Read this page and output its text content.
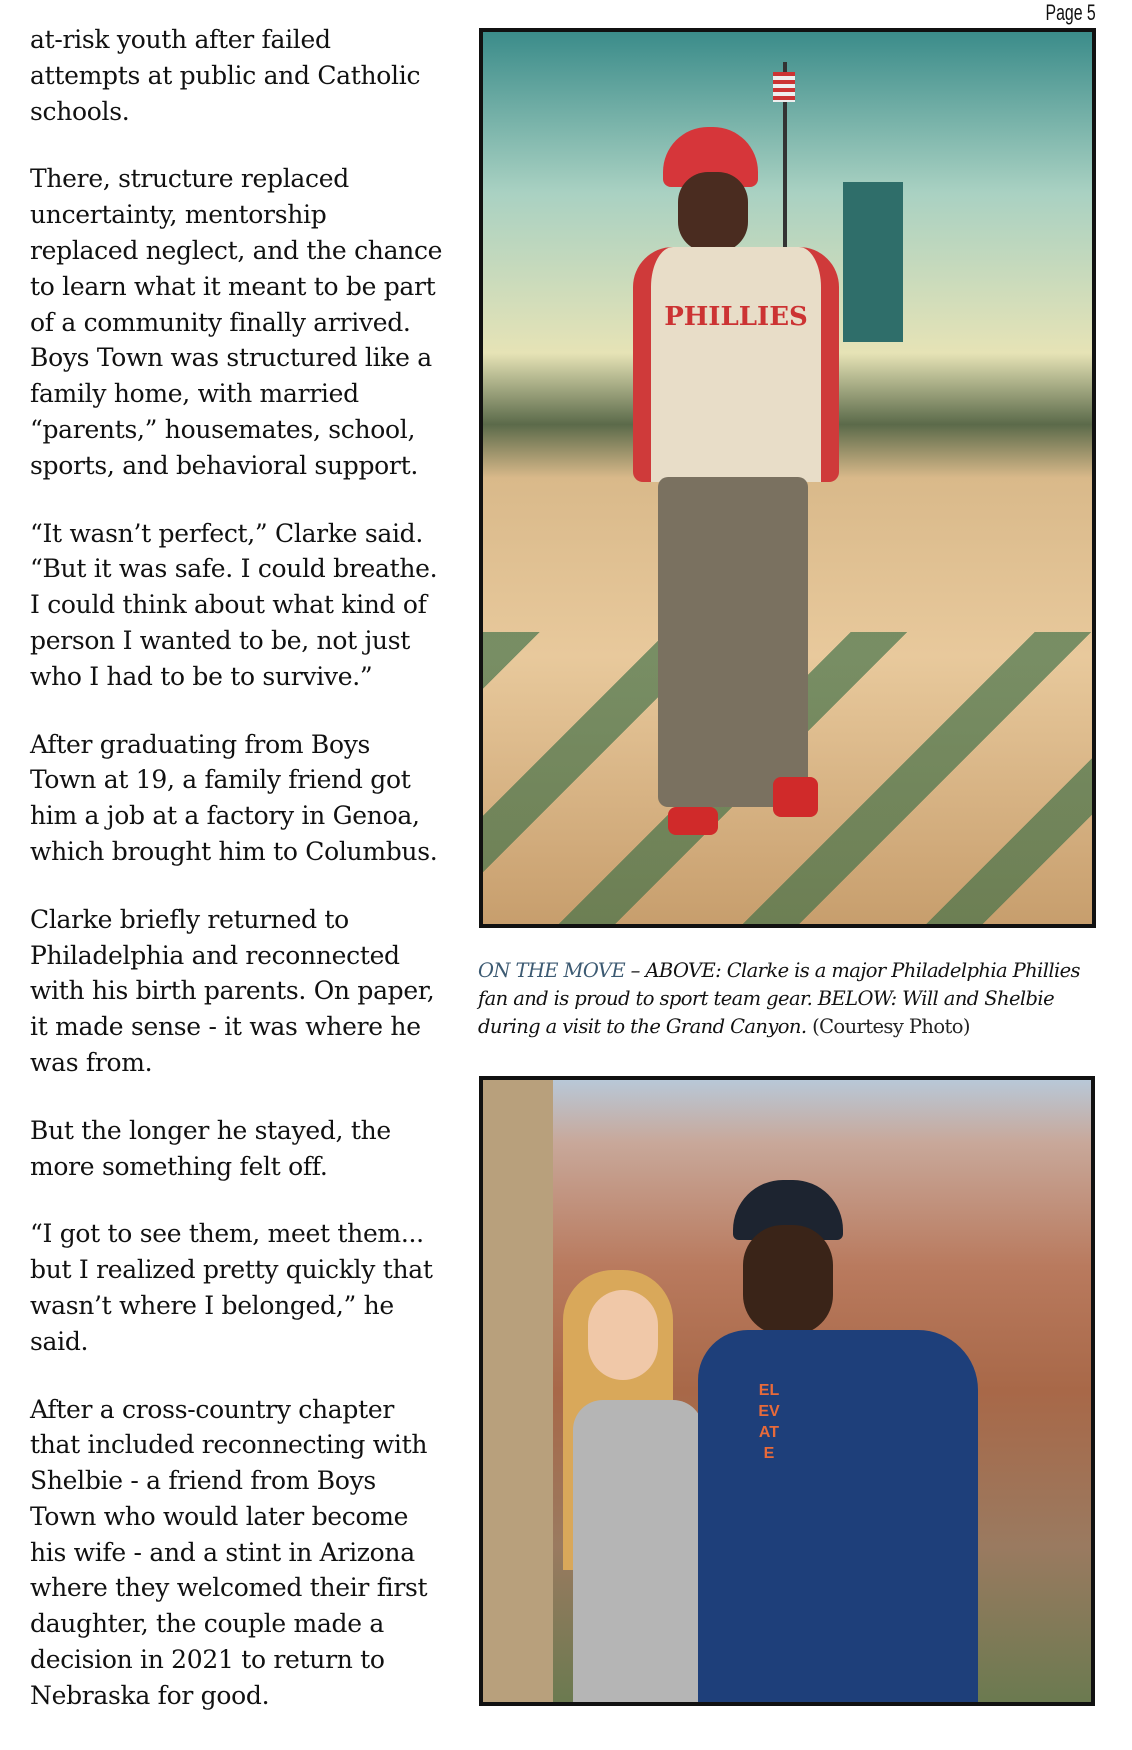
Page 5

at-risk youth after failed
attempts at public and Catholic
schools.

There, structure replaced
uncertainty, mentorship
replaced neglect, and the chance
to learn what it meant to be part
of a community finally arrived.
Boys Town was structured like a
family home, with married
“parents,” housemates, school,
sports, and behavioral support.

“It wasn’t perfect,” Clarke said.
“But it was safe. I could breathe.
I could think about what kind of
person I wanted to be, not just
who I had to be to survive.”

After graduating from Boys
Town at 19, a family friend got
him a job at a factory in Genoa,
which brought him to Columbus.

Clarke briefly returned to
Philadelphia and reconnected
with his birth parents. On paper,
it made sense - it was where he
was from.

But the longer he stayed, the
more something felt off.

“I got to see them, meet them...
but I realized pretty quickly that
wasn’t where I belonged,” he
said.

After a cross-country chapter
that included reconnecting with
Shelbie - a friend from Boys
Town who would later become
his wife - and a stint in Arizona
where they welcomed their first
daughter, the couple made a
decision in 2021 to return to
Nebraska for good.

PHILLIES
ON THE MOVE – ABOVE: Clarke is a major Philadelphia Phillies fan and is proud to sport team gear. BELOW: Will and Shelbie during a visit to the Grand Canyon. (Courtesy Photo)
ELEVATE
